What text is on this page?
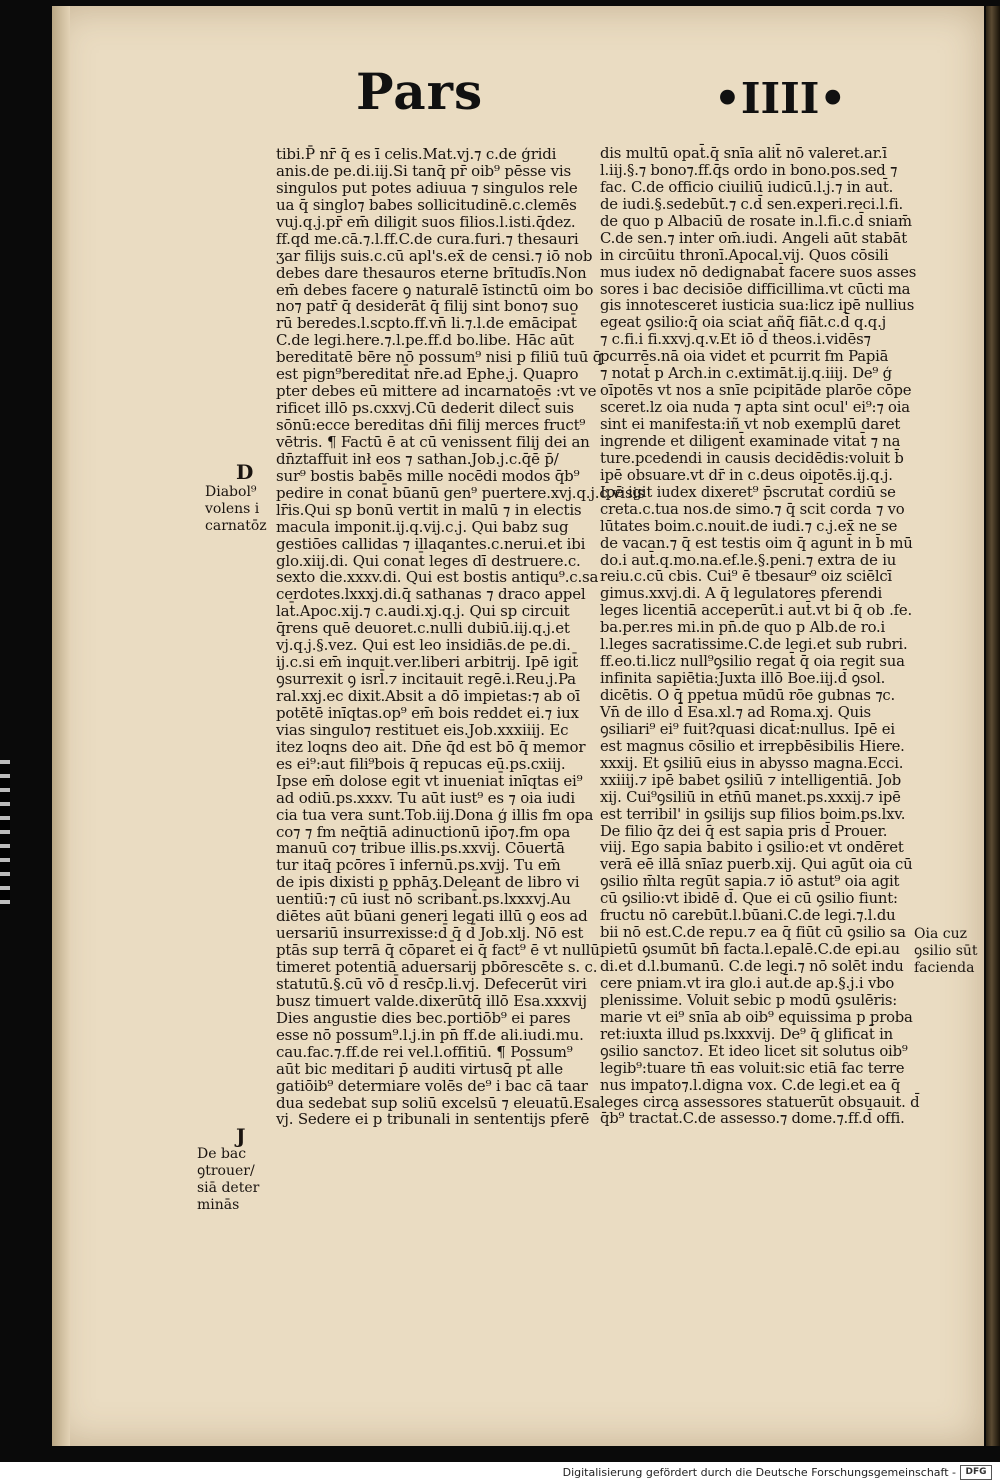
Pars	•IIII•

tibi.P̄ nr̄ q̄ es ī celis.Mat.vj.⁊ c.de ģridi

anis.de pe.di.iij.Si tanq̄ pr̄ oib⁹ pēsse vis

singulos put potes adiuua ⁊ singulos rele

ua q̄ singlo⁊ babes sollicitudinē.c.clemēs

vuj.q.j.pr̄ em̄ diligit suos filios.l.isti.q̄dez.

ff.qd me.cā.⁊.l.ff.C.de cura.furi.⁊ thesauri

ʒar filijs suis.c.cū apl's.ex̄ de censi.⁊ iō nob

debes dare thesauros eterne brītudīs.Non

em̄ debes facere ꝯ naturalē īstinctū oim bo

no⁊ patr̄ q̄ desiderāt q̄ filij sint bono⁊ suo

rū beredes.l.scpto.ff.vn̄ li.⁊.l.de emācipat̄

C.de legi.here.⁊.l.pe.ff.d bo.libe. Hāc aūt

bereditatē bēre nō possum⁹ nisi p filiū tuū q̄

est pign⁹bereditat̄ nr̄e.ad Ephe.j. Quapro

pter debes eū mittere ad incarnatoēs :vt ve

rificet illō ps.cxxvj.Cū dederit dilect̄ suis

sōnū:ecce bereditas dn̄i filij merces fruct⁹

vētris. ¶ Factū ē at cū venissent filij dei an

dn̄ztaffuit inł eos ⁊ sathan.Job.j.c.q̄ē p̄/

sur⁹ bostis babēs mille nocēdi modos q̄b⁹

pedire in conat̄ būanū gen⁹ puertere.xvj.q.j.c.visis

lr̄is.Qui sp bonū vertit in malū ⁊ in electis

macula imponit.ij.q.vij.c.j. Qui babz sug

gestiōes callidas ⁊ illaqantes.c.nerui.et ibi

glo.xiij.di. Qui conat̄ leges dī destruere.c.

sexto die.xxxv.di. Qui est bostis antiqu⁹.c.sa

cerdotes.lxxxj.di.q̄ sathanas ⁊ draco appel

lat̄.Apoc.xij.⁊ c.audi.xj.q.j. Qui sp circuit

q̄rens quē deuoret.c.nulli dubiū.iij.q.j.et

vj.q.j.§.vez. Qui est leo insidiās.de pe.di.

ij.c.si em̄ inquit.ver.liberi arbitrij. Ipē igit̄

ꝯsurrexit ꝯ isrl̄.⁊ incitauit regē.i.Reu.j.Pa

ral.xxj.ec dixit.Absit a dō impietas:⁊ ab oī

potētē inīqtas.op⁹ em̄ bois reddet ei.⁊ iux

vias singulo⁊ restituet eis.Job.xxxiiij. Ec

itez loqns deo ait. Dn̄e q̄d est bō q̄ memor

es ei⁹:aut fili⁹bois q̄ repucas eū.ps.cxiij.

Ipse em̄ dolose egit vt inueniat̄ inīqtas ei⁹

ad odiū.ps.xxxv. Tu aūt iust⁹ es ⁊ oia iudi

cia tua vera sunt.Tob.iij.Dona ģ illis fm opa

co⁊ ⁊ fm neq̄tiā adinuctionū ip̄o⁊.fm opa

manuū co⁊ tribue illis.ps.xxvij. Cōuertā

tur itaq̄ pcōres ī infernū.ps.xvij. Tu em̄

de ipis dixisti p pphāʒ.Deleant̄ de libro vi

uentiū:⁊ cū iust̄ nō scribant̄.ps.lxxxvj.Au

diētes aūt būani generi legati illū ꝯ eos ad

uersariū insurrexisse:d̄ q̄ d̄ Job.xlj. Nō est

ptās sup terrā q̄ cōparet̄ ei q̄ fact⁹ ē vt nullū

timeret potentiā aduersarij pbōrescēte s. c.

statutū.§.cū vō d̄ resc̄p.li.vj. Defecerūt viri

busz timuert valde.dixerūtq̄ illō Esa.xxxvij

Dies angustie dies bec.portiōb⁹ ei pares

esse nō possum⁹.l.j.in pn̄ ff.de ali.iudi.mu.

cau.fac.⁊.ff.de rei vel.l.offitiū. ¶ Possum⁹

aūt bic meditari p̄ auditi virtusq̄ pt̄ alle

gatiōib⁹ determiare volēs de⁹ i bac cā taar

dua sedebat sup soliū excelsū ⁊ eleuatū.Esa.

vj. Sedere ei p tribunali in sententijs pferē

dis multū opat̄.q̄ snīa alit̄ nō valeret.ar.ī

l.iij.§.⁊ bono⁊.ff.q̄s ordo in bono.pos.sed ⁊

fac. C.de officio ciuiliū iudicū.l.j.⁊ in aut̄.

de iudi.§.sedebūt.⁊ c.d̄ sen.experi.reci.l.fi.

de quo p Albaciū de rosate in.l.fi.c.d̄ sniam̄

C.de sen.⁊ inter om̄.iudi. Angeli aūt stabāt

in circūitu thronī.Apocal.vij. Quos cōsili

mus iudex nō dedignabat̄ facere suos asses

sores i bac decisiōe difficillima.vt cūcti ma

gis innotesceret iusticia sua:licz ipē nullius

egeat ꝯsilio:q̄ oia sciat añq̄ fiāt.c.d̄ q.q.j

⁊ c.fi.i fi.xxvj.q.v.Et iō d̄ theos.i.vidēs⁊

pcurrēs.nā oia videt et pcurrit fm Papiā

⁊ notat̄ p Arch.in c.extimāt.ij.q.iiij. De⁹ ģ

oīpotēs vt nos a snīe pcipitāde plarōe cōpe

sceret.lz oia nuda ⁊ apta sint ocul' ei⁹:⁊ oia

sint ei manifesta:iñ vt nob exemplū daret

ingrende et diligent̄ examinade vitat̄ ⁊ na

ture.pcedendi in causis decidēdis:voluit b̄

ipē obsuare.vt dr̄ in c.deus oipotēs.ij.q.j.

Ipē igit iudex dixeret⁹ p̄scrutat̄ cordiū se

creta.c.tua nos.de simo.⁊ q̄ scit corda ⁊ vo

lūtates boim.c.nouit.de iudi.⁊ c.j.ex̄ ne se

de vacan.⁊ q̄ est testis oim q̄ agunt̄ in b̄ mū

do.i aut̄.q.mo.na.ef.le.§.peni.⁊ extra de iu

reiu.c.cū cbis. Cui⁹ ē tbesaur⁹ oiz sciēlcī

gimus.xxvj.di. A q̄ legulatores pferendi

leges licentiā acceperūt.i aut̄.vt bi q̄ ob .fe.

ba.per.res mi.in pn̄.de quo p Alb.de ro.i

l.leges sacratissime.C.de legi.et sub rubri.

ff.eo.ti.licz null⁹ꝯsilio regat̄ q̄ oia regit sua

infinita sapiētia:Juxta illō Boe.iij.d̄ ꝯsol.

dicētis. O q̄ ppetua mūdū rōe gubnas ⁊c.

Vn̄ de illo d̄ Esa.xl.⁊ ad Roma.xj. Quis

ꝯsiliari⁹ ei⁹ fuit?quasi dicat̄:nullus. Ipē ei

est magnus cōsilio et irrepbēsibilis Hiere.

xxxij. Et ꝯsiliū eius in abysso magna.Ecci.

xxiiij.⁊ ipē babet ꝯsiliū ⁊ intelligentiā. Job

xij. Cui⁹ꝯsiliū in etn̄ū manet.ps.xxxij.⁊ ipē

est terribil' in ꝯsilijs sup filios boim.ps.lxv.

De filio q̄z dei q̄ est sapia pris d̄ Prouer.

viij. Ego sapia babito i ꝯsilio:et vt ondēret

verā eē illā snīaz puerb.xij. Qui agūt oia cū

ꝯsilio m̄lta regūt sapia.⁊ iō astut⁹ oia agit

cū ꝯsilio:vt ibidē d̄. Que ei cū ꝯsilio fiunt:

fructu nō carebūt.l.būani.C.de legi.⁊.l.du

bii nō est.C.de repu.⁊ ea q̄ fiūt cū ꝯsilio sa

pietū ꝯsumūt bn̄ facta.l.epalē.C.de epi.au

di.et d.l.bumanū. C.de legi.⁊ nō solēt indu

cere pniam.vt ira glo.i aut̄.de ap.§.j.i vbo

plenissime. Voluit sebic p modū ꝯsulēris:

marie vt ei⁹ snīa ab oib⁹ equissima p proba

ret:iuxta illud ps.lxxxvij. De⁹ q̄ glificat̄ in

ꝯsilio sancto⁊. Et ideo licet sit solutus oib⁹

legib⁹:tuare tn̄ eas voluit:sic etiā fac terre

nus impato⁊.l.digna vox. C.de legi.et ea q̄

leges circa assessores statuerūt obsuauit. d̄

q̄b⁹ tractat̄.C.de assesso.⁊ dome.⁊.ff.d̄ offi.

D
J

Diabol⁹

volens i

carnatōz

De bac

ꝯtrouer/

siā deter

minās

Oia cuz

ꝯsilio sūt

facienda

Digitalisierung gefördert durch die Deutsche Forschungsgemeinschaft -	DFG
